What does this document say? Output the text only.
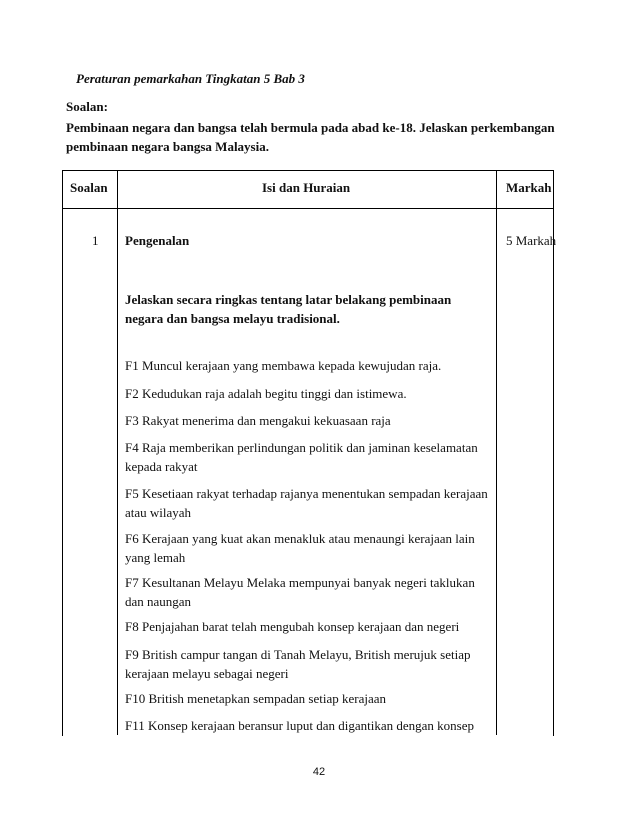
Peraturan pemarkahan Tingkatan 5 Bab 3
Soalan:
Pembinaan negara dan bangsa telah bermula pada abad ke-18. Jelaskan perkembangan
pembinaan negara bangsa Malaysia.
Soalan	Isi dan Huraian	Markah
1 Pengenalan	5 Markah
Jelaskan secara ringkas tentang latar belakang pembinaan negara dan bangsa melayu tradisional.
F1 Muncul kerajaan yang membawa kepada kewujudan raja.
F2 Kedudukan raja adalah begitu tinggi dan istimewa.
F3 Rakyat menerima dan mengakui kekuasaan raja
F4 Raja memberikan perlindungan politik dan jaminan keselamatan kepada rakyat
F5 Kesetiaan rakyat terhadap rajanya menentukan sempadan kerajaan atau wilayah
F6 Kerajaan yang kuat akan menakluk atau menaungi kerajaan lain yang lemah
F7 Kesultanan Melayu Melaka mempunyai banyak negeri taklukan dan naungan
F8 Penjajahan barat telah mengubah konsep kerajaan dan negeri
F9 British campur tangan di Tanah Melayu, British merujuk setiap kerajaan melayu sebagai negeri
F10 British menetapkan sempadan setiap kerajaan
F11 Konsep kerajaan beransur luput dan digantikan dengan konsep
42
